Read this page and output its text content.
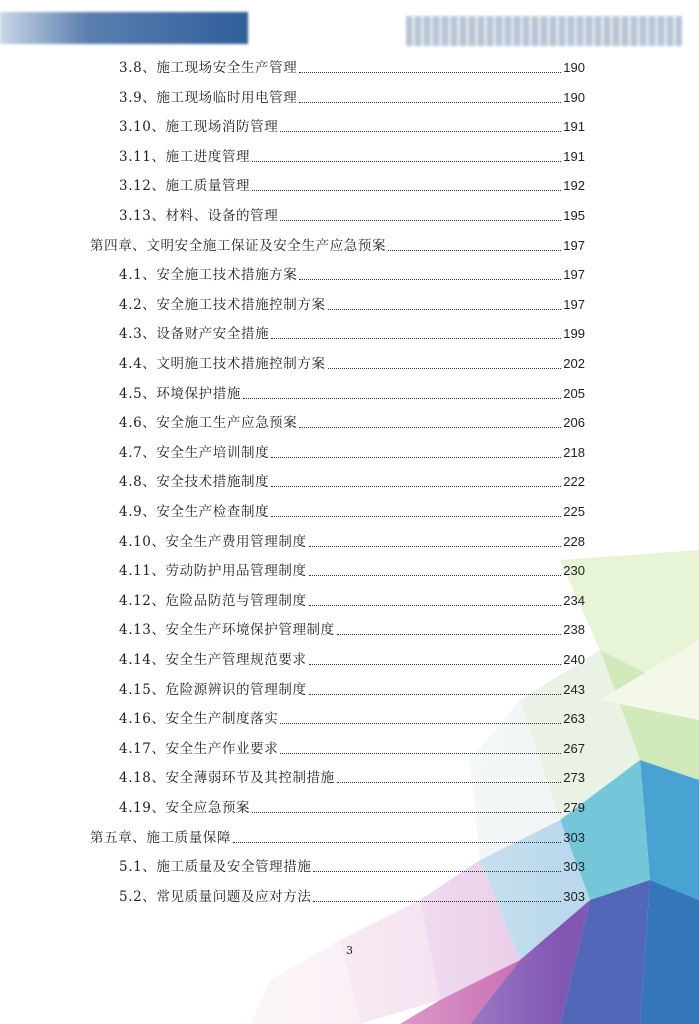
3.8、施工现场安全生产管理	190
3.9、施工现场临时用电管理	190
3.10、施工现场消防管理	191
3.11、施工进度管理	191
3.12、施工质量管理	192
3.13、材料、设备的管理	195
第四章、文明安全施工保证及安全生产应急预案	197
4.1、安全施工技术措施方案	197
4.2、安全施工技术措施控制方案	197
4.3、设备财产安全措施	199
4.4、文明施工技术措施控制方案	202
4.5、环境保护措施	205
4.6、安全施工生产应急预案	206
4.7、安全生产培训制度	218
4.8、安全技术措施制度	222
4.9、安全生产检查制度	225
4.10、安全生产费用管理制度	228
4.11、劳动防护用品管理制度	230
4.12、危险品防范与管理制度	234
4.13、安全生产环境保护管理制度	238
4.14、安全生产管理规范要求	240
4.15、危险源辨识的管理制度	243
4.16、安全生产制度落实	263
4.17、安全生产作业要求	267
4.18、安全薄弱环节及其控制措施	273
4.19、安全应急预案	279
第五章、施工质量保障	303
5.1、施工质量及安全管理措施	303
5.2、常见质量问题及应对方法	303
3
